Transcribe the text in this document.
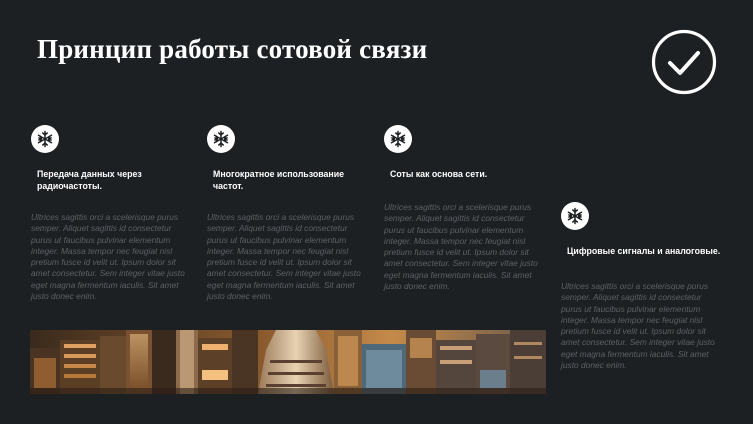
Принцип работы сотовой связи
Передача данных через радиочастоты.
Ultrices sagittis orci a scelerisque purus semper. Aliquet sagittis id consectetur purus ut faucibus pulvinar elementum integer. Massa tempor nec feugiat nisl pretium fusce id velit ut. Ipsum dolor sit amet consectetur. Sem integer vitae justo eget magna fermentum iaculis. Sit amet justo donec enim.
Многократное использование частот.
Ultrices sagittis orci a scelerisque purus semper. Aliquet sagittis id consectetur purus ut faucibus pulvinar elementum integer. Massa tempor nec feugiat nisl pretium fusce id velit ut. Ipsum dolor sit amet consectetur. Sem integer vitae justo eget magna fermentum iaculis. Sit amet justo donec enim.
Соты как основа сети.
Ultrices sagittis orci a scelerisque purus semper. Aliquet sagittis id consectetur purus ut faucibus pulvinar elementum integer. Massa tempor nec feugiat nisl pretium fusce id velit ut. Ipsum dolor sit amet consectetur. Sem integer vitae justo eget magna fermentum iaculis. Sit amet justo donec enim.
Цифровые сигналы и аналоговые.
Ultrices sagittis orci a scelerisque purus semper. Aliquet sagittis id consectetur purus ut faucibus pulvinar elementum integer. Massa tempor nec feugiat nisl pretium fusce id velit ut. Ipsum dolor sit amet consectetur. Sem integer vitae justo eget magna fermentum iaculis. Sit amet justo donec enim.
